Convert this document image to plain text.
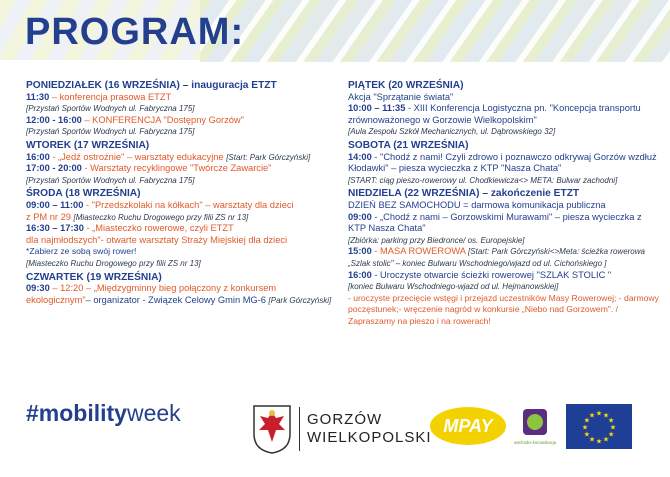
PROGRAM:
PONIEDZIAŁEK (16 WRZEŚNIA) – inauguracja ETZT
11:30 – konferencja prasowa ETZT
[Przystań Sportów Wodnych ul. Fabryczna 175]
12:00 - 16:00 – KONFERENCJA "Dostępny Gorzów"
[Przystań Sportów Wodnych ul. Fabryczna 175]
WTOREK (17 WRZEŚNIA)
16:00 - „Jedź ostrożnie" – warsztaty edukacyjne [Start: Park Górczyński]
17:00 - 20:00 - Warsztaty recyklingowe "Twórcze Zawarcie"
[Przystań Sportów Wodnych ul. Fabryczna 175]
ŚRODA (18 WRZEŚNIA)
09:00 – 11:00 - "Przedszkolaki na kółkach" – warsztaty dla dzieci
z PM nr 29 [Miasteczko Ruchu Drogowego przy filii ZS nr 13]
16:30 – 17:30 - „Miasteczko rowerowe, czyli ETZT
dla najmłodszych"- otwarte warsztaty Straży Miejskiej dla dzieci
*Zabierz ze sobą swój rower!
[Miasteczko Ruchu Drogowego przy filii ZS nr 13]
CZWARTEK (19 WRZEŚNIA)
09:30 – 12:20 – „Międzygminny bieg połączony z konkursem
ekologicznym"– organizator - Związek Celowy Gmin MG-6 [Park Górczyński]
PIĄTEK (20 WRZEŚNIA)
Akcja "Sprzątanie świata"
10:00 – 11:35 - XIII Konferencja Logistyczna pn. "Koncepcja transportu zrównoważonego w Gorzowie Wielkopolskim"
[Aula Zespołu Szkół Mechanicznych, ul. Dąbrowskiego 32]
SOBOTA (21 WRZEŚNIA)
14:00 - "Chodź z nami! Czyli zdrowo i poznawczo odkrywaj Gorzów wzdłuż Kłodawki" – piesza wycieczka z KTP "Nasza Chata"
[START: ciąg pieszo-rowerowy ul. Chodkiewicza<> META: Bulwar zachodni]
NIEDZIELA (22 WRZEŚNIA) – zakończenie ETZT
DZIEŃ BEZ SAMOCHODU = darmowa komunikacja publiczna
09:00 - „Chodź z nami – Gorzowskimi Murawami" – piesza wycieczka z KTP Nasza Chata"
[Zbiórka: parking przy Biedronce/ os. Europejskie]
15:00 - MASA ROWEROWA [Start: Park Górczyński<>Meta: ścieżka rowerowa „Szlak stolic" – koniec Bulwaru Wschodniego/wjazd od ul. Cichońskiego ]
16:00 - Uroczyste otwarcie ścieżki rowerowej "SZLAK STOLIC "
[koniec Bulwaru Wschodniego-wjazd od ul. Hejmanowskiej]
- uroczyste przecięcie wstęgi i przejazd uczestników Masy Rowerowej; - darmowy poczęstunek;- wręczenie nagród w konkursie „Niebo nad Gorzowem". / Zapraszamy na pieszo i na rowerach!
#mobilityweek	GORZÓW
WIELKOPOLSKI
MPAY
wschodni-komunikacja
★ ★
★
★
★
★
★
★
★
★
★
★
